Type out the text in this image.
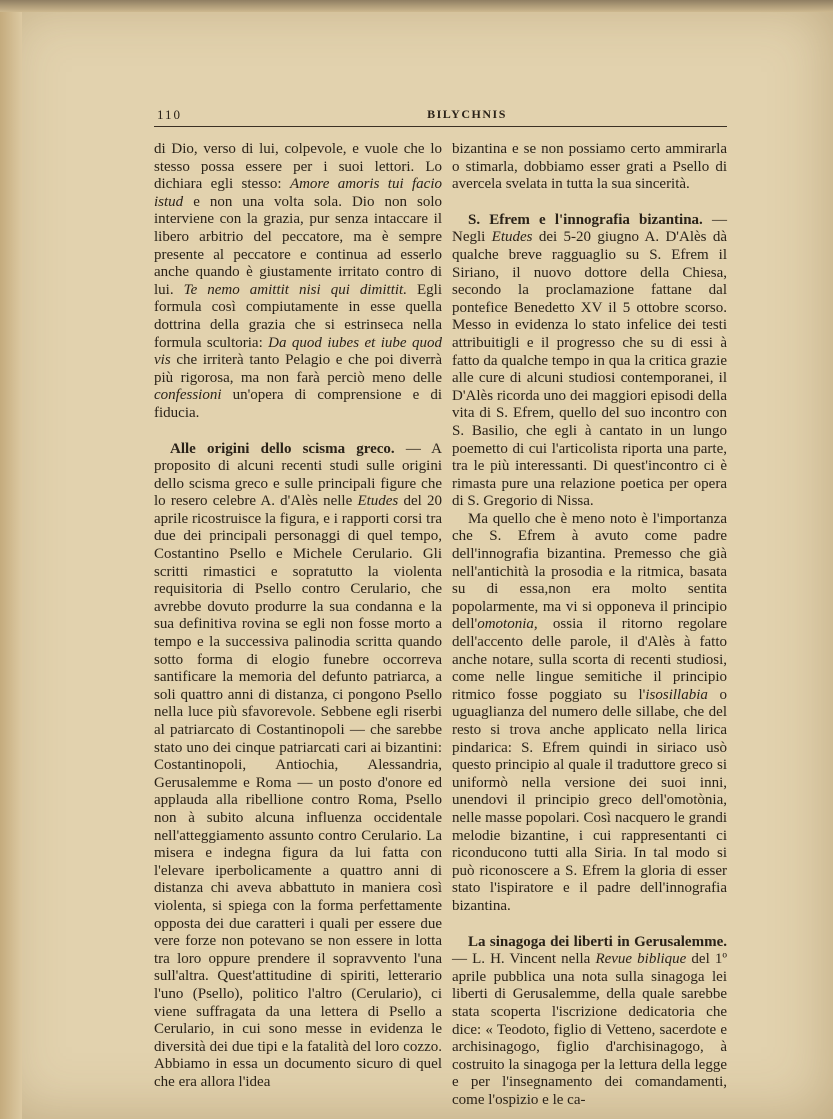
110	BILYCHNIS

di Dio, verso di lui, colpevole, e vuole che lo stesso possa essere per i suoi lettori. Lo dichiara egli stesso: Amore amoris tui facio istud e non una volta sola. Dio non solo interviene con la grazia, pur senza intaccare il libero arbitrio del peccatore, ma è sempre presente al peccatore e continua ad esserlo anche quando è giustamente irritato contro di lui. Te nemo amittit nisi qui dimittit. Egli formula così compiutamente in esse quella dottrina della grazia che si estrinseca nella formula scultoria: Da quod iubes et iube quod vis che irriterà tanto Pelagio e che poi diverrà più rigorosa, ma non farà perciò meno delle confessioni un'opera di comprensione e di fiducia.

Alle origini dello scisma greco. — A proposito di alcuni recenti studi sulle origini dello scisma greco e sulle principali figure che lo resero celebre A. d'Alès nelle Etudes del 20 aprile ricostruisce la figura, e i rapporti corsi tra due dei principali personaggi di quel tempo, Costantino Psello e Michele Cerulario. Gli scritti rimastici e sopratutto la violenta requisitoria di Psello contro Cerulario, che avrebbe dovuto produrre la sua condanna e la sua definitiva rovina se egli non fosse morto a tempo e la successiva palinodia scritta quando sotto forma di elogio funebre occorreva santificare la memoria del defunto patriarca, a soli quattro anni di distanza, ci pongono Psello nella luce più sfavorevole. Sebbene egli riserbi al patriarcato di Costantinopoli — che sarebbe stato uno dei cinque patriarcati cari ai bizantini: Costantinopoli, Antiochia, Alessandria, Gerusalemme e Roma — un posto d'onore ed applauda alla ribellione contro Roma, Psello non à subito alcuna influenza occidentale nell'atteggiamento assunto contro Cerulario. La misera e indegna figura da lui fatta con l'elevare iperbolicamente a quattro anni di distanza chi aveva abbattuto in maniera così violenta, si spiega con la forma perfettamente opposta dei due caratteri i quali per essere due vere forze non potevano se non essere in lotta tra loro oppure prendere il sopravvento l'una sull'altra. Quest'attitudine di spiriti, letterario l'uno (Psello), politico l'altro (Cerulario), ci viene suffragata da una lettera di Psello a Cerulario, in cui sono messe in evidenza le diversità dei due tipi e la fatalità del loro cozzo. Abbiamo in essa un documento sicuro di quel che era allora l'idea

bizantina e se non possiamo certo ammirarla o stimarla, dobbiamo esser grati a Psello di avercela svelata in tutta la sua sincerità.

S. Efrem e l'innografia bizantina. — Negli Etudes dei 5-20 giugno A. D'Alès dà qualche breve ragguaglio su S. Efrem il Siriano, il nuovo dottore della Chiesa, secondo la proclamazione fattane dal pontefice Benedetto XV il 5 ottobre scorso. Messo in evidenza lo stato infelice dei testi attribuitigli e il progresso che su di essi à fatto da qualche tempo in qua la critica grazie alle cure di alcuni studiosi contemporanei, il D'Alès ricorda uno dei maggiori episodi della vita di S. Efrem, quello del suo incontro con S. Basilio, che egli à cantato in un lungo poemetto di cui l'articolista riporta una parte, tra le più interessanti. Di quest'incontro ci è rimasta pure una relazione poetica per opera di S. Gregorio di Nissa.

Ma quello che è meno noto è l'importanza che S. Efrem à avuto come padre dell'innografia bizantina. Premesso che già nell'antichità la prosodia e la ritmica, basata su di essa,non era molto sentita popolarmente, ma vi si opponeva il principio dell'omotonia, ossia il ritorno regolare dell'accento delle parole, il d'Alès à fatto anche notare, sulla scorta di recenti studiosi, come nelle lingue semitiche il principio ritmico fosse poggiato su l'isosillabia o uguaglianza del numero delle sillabe, che del resto si trova anche applicato nella lirica pindarica: S. Efrem quindi in siriaco usò questo principio al quale il traduttore greco si uniformò nella versione dei suoi inni, unendovi il principio greco dell'omotònia, nelle masse popolari. Così nacquero le grandi melodie bizantine, i cui rappresentanti ci riconducono tutti alla Siria. In tal modo si può riconoscere a S. Efrem la gloria di esser stato l'ispiratore e il padre dell'innografia bizantina.

La sinagoga dei liberti in Gerusalemme. — L. H. Vincent nella Revue biblique del 1º aprile pubblica una nota sulla sinagoga lei liberti di Gerusalemme, della quale sarebbe stata scoperta l'iscrizione dedicatoria che dice: « Teodoto, figlio di Vetteno, sacerdote e archisinagogo, figlio d'archisinagogo, à costruito la sinagoga per la lettura della legge e per l'insegnamento dei comandamenti, come l'ospizio e le ca-
